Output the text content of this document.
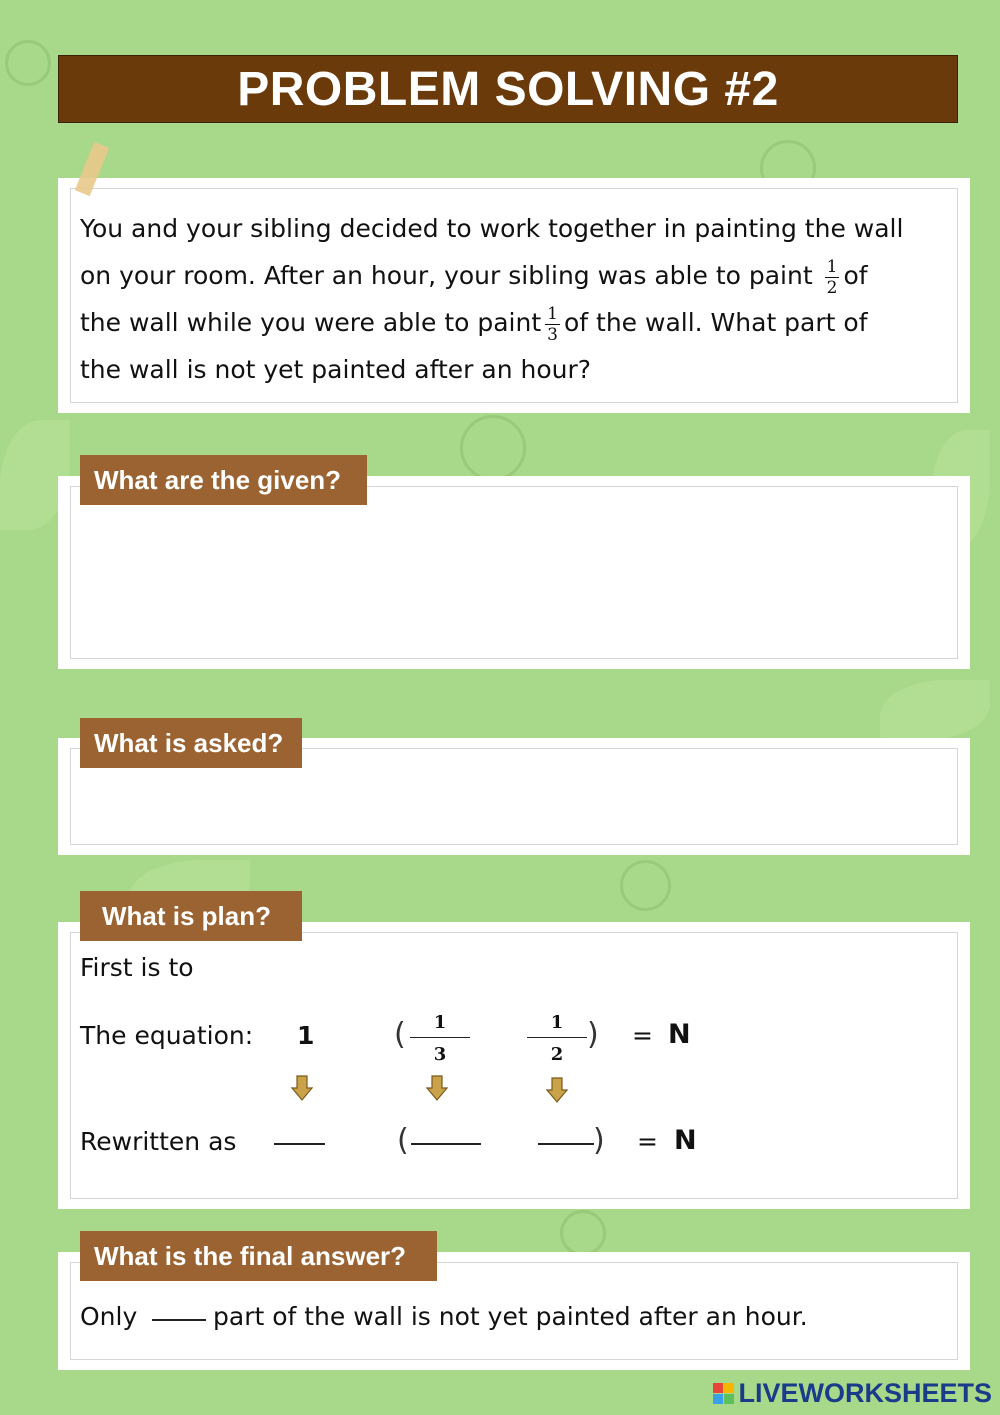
PROBLEM SOLVING #2
You and your sibling decided to work together in painting the wall
on your room. After an hour, your sibling was able to paint $\frac{1}{2}$ of
the wall while you were able to paint $\frac{1}{3}$ of the wall. What part of
the wall is not yet painted after an hour?
What are the given?
What is asked?
What is plan?
First is to
The equation: 1	( $\frac{1}{3}$	$\frac{1}{2}$ ) = N
Rewritten as	(	) = N
What is the final answer?
Only	part of the wall is not yet painted after an hour.
LIVEWORKSHEETS
